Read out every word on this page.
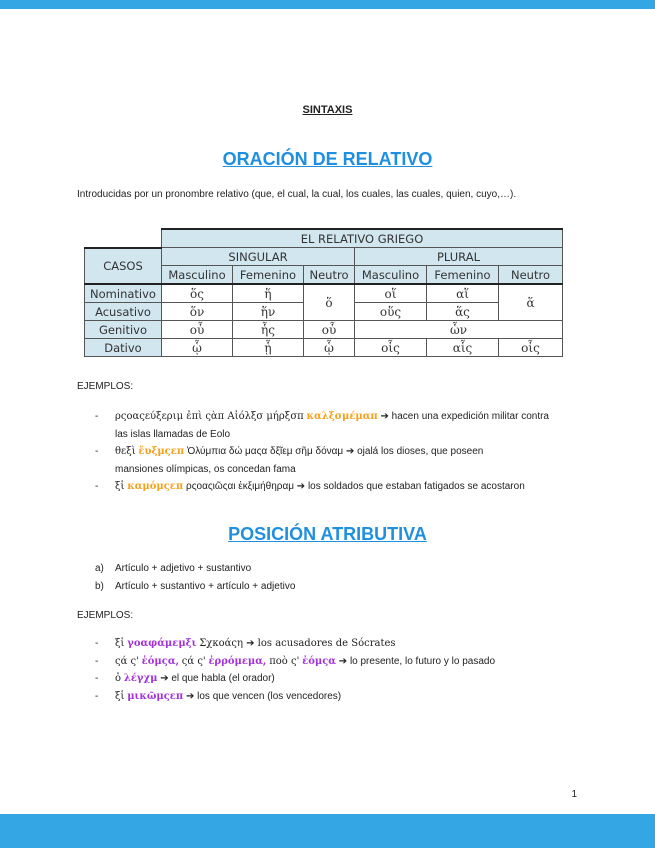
SINTAXIS
ORACIÓN DE RELATIVO
Introducidas por un pronombre relativo (que, el cual, la cual, los cuales, las cuales, quien, cuyo,…).
	EL RELATIVO GRIEGO					
CASOS	SINGULAR			PLURAL		
	Masculino	Femenino	Neutro	Masculino	Femenino	Neutro
Nominativo	ὅς	ἥ	ὅ	οἵ	αἵ	ἅ
Acusativo	ὅν	ἥν		οὕς	ἅς	
Genitivo	οὗ	ἧς	οὗ	ὧν		
Dativo	ᾧ	ᾗ	ᾧ	οἷς	αἷς	οἷς
EJEMPLOS:
- ρςοαςεύξεριμ ἐπὶ ςὰπ Αἰόλξσ μήρξσπ καλξσμέμαπ ➔ hacen una expedición militar contra
las islas llamadas de Eolo
- θεξὶ ἔυξμςεπ Ὀλύμπια δώ μαςα δξῖεμ σῆμ δόναμ ➔ ojalá los dioses, que poseen
mansiones olímpicas, os concedan fama
- ξἱ καμόμςεπ ρςοαςιῶςαι ἐκξιμήθηραμ ➔ los soldados que estaban fatigados se acostaron
POSICIÓN ATRIBUTIVA
a) Artículo + adjetivo + sustantivo
b) Artículo + sustantivo + artículo + adjetivo
EJEMPLOS:
- ξἱ γοαφάμεμξι Σχκοάςη ➔ los acusadores de Sócrates
- ςά ς' ἐόμςα, ςά ς' ἐρρόμεμα, ποὸ ς' ἐόμςα ➔ lo presente, lo futuro y lo pasado
- ὁ λέγχμ ➔ el que habla (el orador)
- ξἱ μικῶμςεπ ➔ los que vencen (los vencedores)
1
